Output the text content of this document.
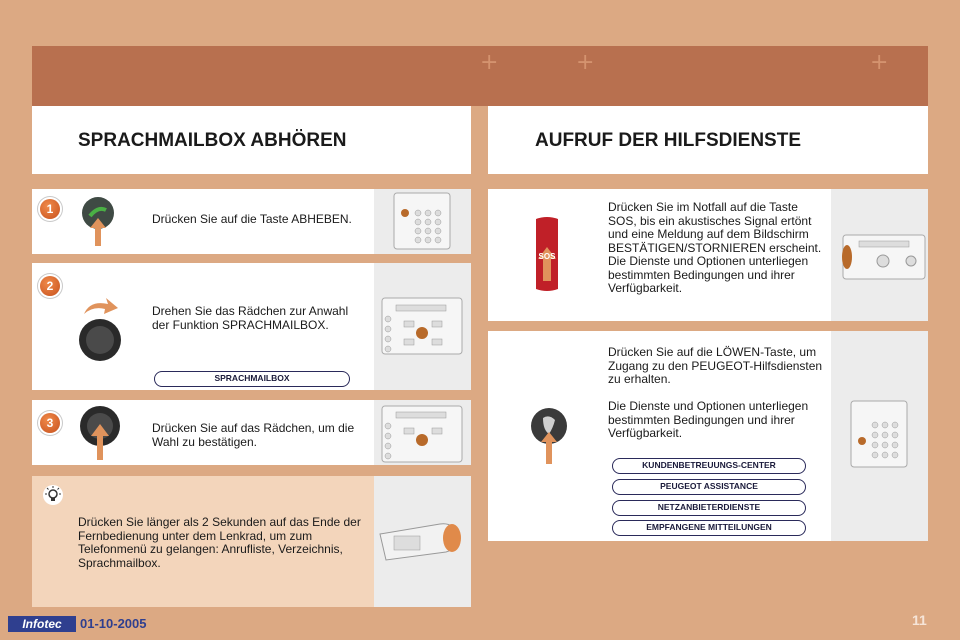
+	+	+
SPRACHMAILBOX ABHÖREN	AUFRUF DER HILFSDIENSTE
1
Drücken Sie auf die Taste ABHEBEN.
2
Drehen Sie das Rädchen zur Anwahl der Funktion SPRACHMAILBOX.
SPRACHMAILBOX
3	Drücken Sie auf das Rädchen, um die Wahl zu bestätigen.
Drücken Sie länger als 2 Sekunden auf das Ende der Fernbedienung unter dem Lenkrad, um zum Telefonmenü zu gelangen: Anrufliste, Verzeichnis, Sprachmailbox.
SOS
Drücken Sie im Notfall auf die Taste SOS, bis ein akustisches Signal ertönt und eine Meldung auf dem Bildschirm BESTÄTIGEN/STORNIEREN erscheint.
Die Dienste und Optionen unterliegen bestimmten Bedingungen und ihrer Verfügbarkeit.
Drücken Sie auf die LÖWEN-Taste, um Zugang zu den PEUGEOT-Hilfsdiensten zu erhalten.

Die Dienste und Optionen unterliegen bestimmten Bedingungen und ihrer Verfügbarkeit.
KUNDENBETREUUNGS-CENTER
PEUGEOT ASSISTANCE
NETZANBIETERDIENSTE
EMPFANGENE MITTEILUNGEN
Infotec	01-10-2005	11
